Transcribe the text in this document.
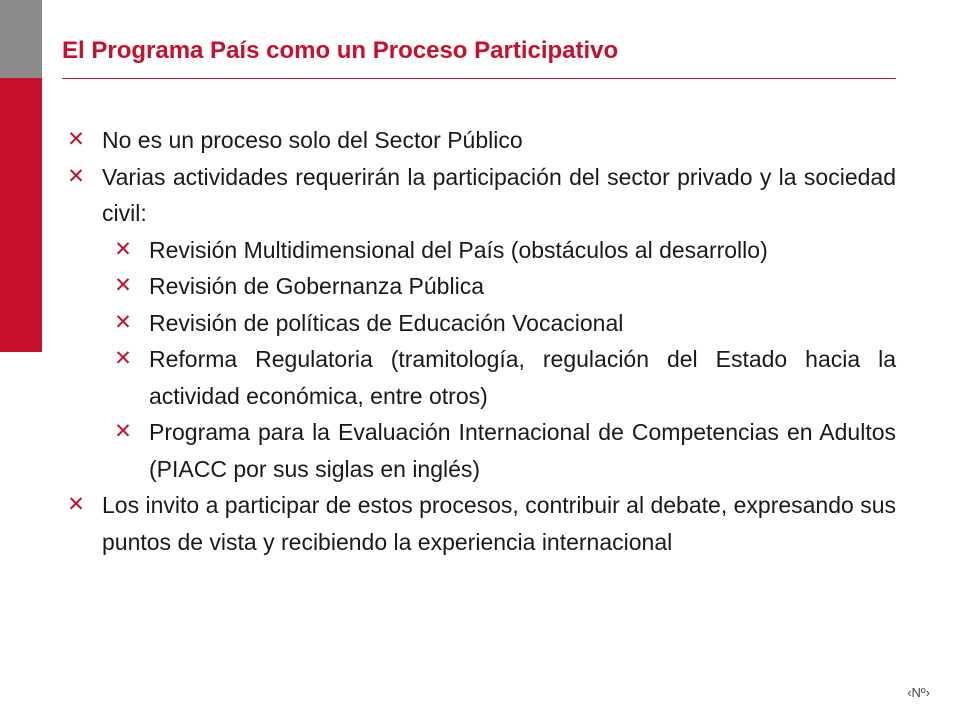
El Programa País como un Proceso Participativo
✕ No es un proceso solo del Sector Público
✕ Varias actividades requerirán la participación del sector privado y la sociedad civil:
✕ Revisión Multidimensional del País (obstáculos al desarrollo)
✕ Revisión de Gobernanza Pública
✕ Revisión de políticas de Educación Vocacional
✕ Reforma Regulatoria (tramitología, regulación del Estado hacia la actividad económica, entre otros)
✕ Programa para la Evaluación Internacional de Competencias en Adultos (PIACC por sus siglas en inglés)
✕ Los invito a participar de estos procesos, contribuir al debate, expresando sus puntos de vista y recibiendo la experiencia internacional
‹Nº›
